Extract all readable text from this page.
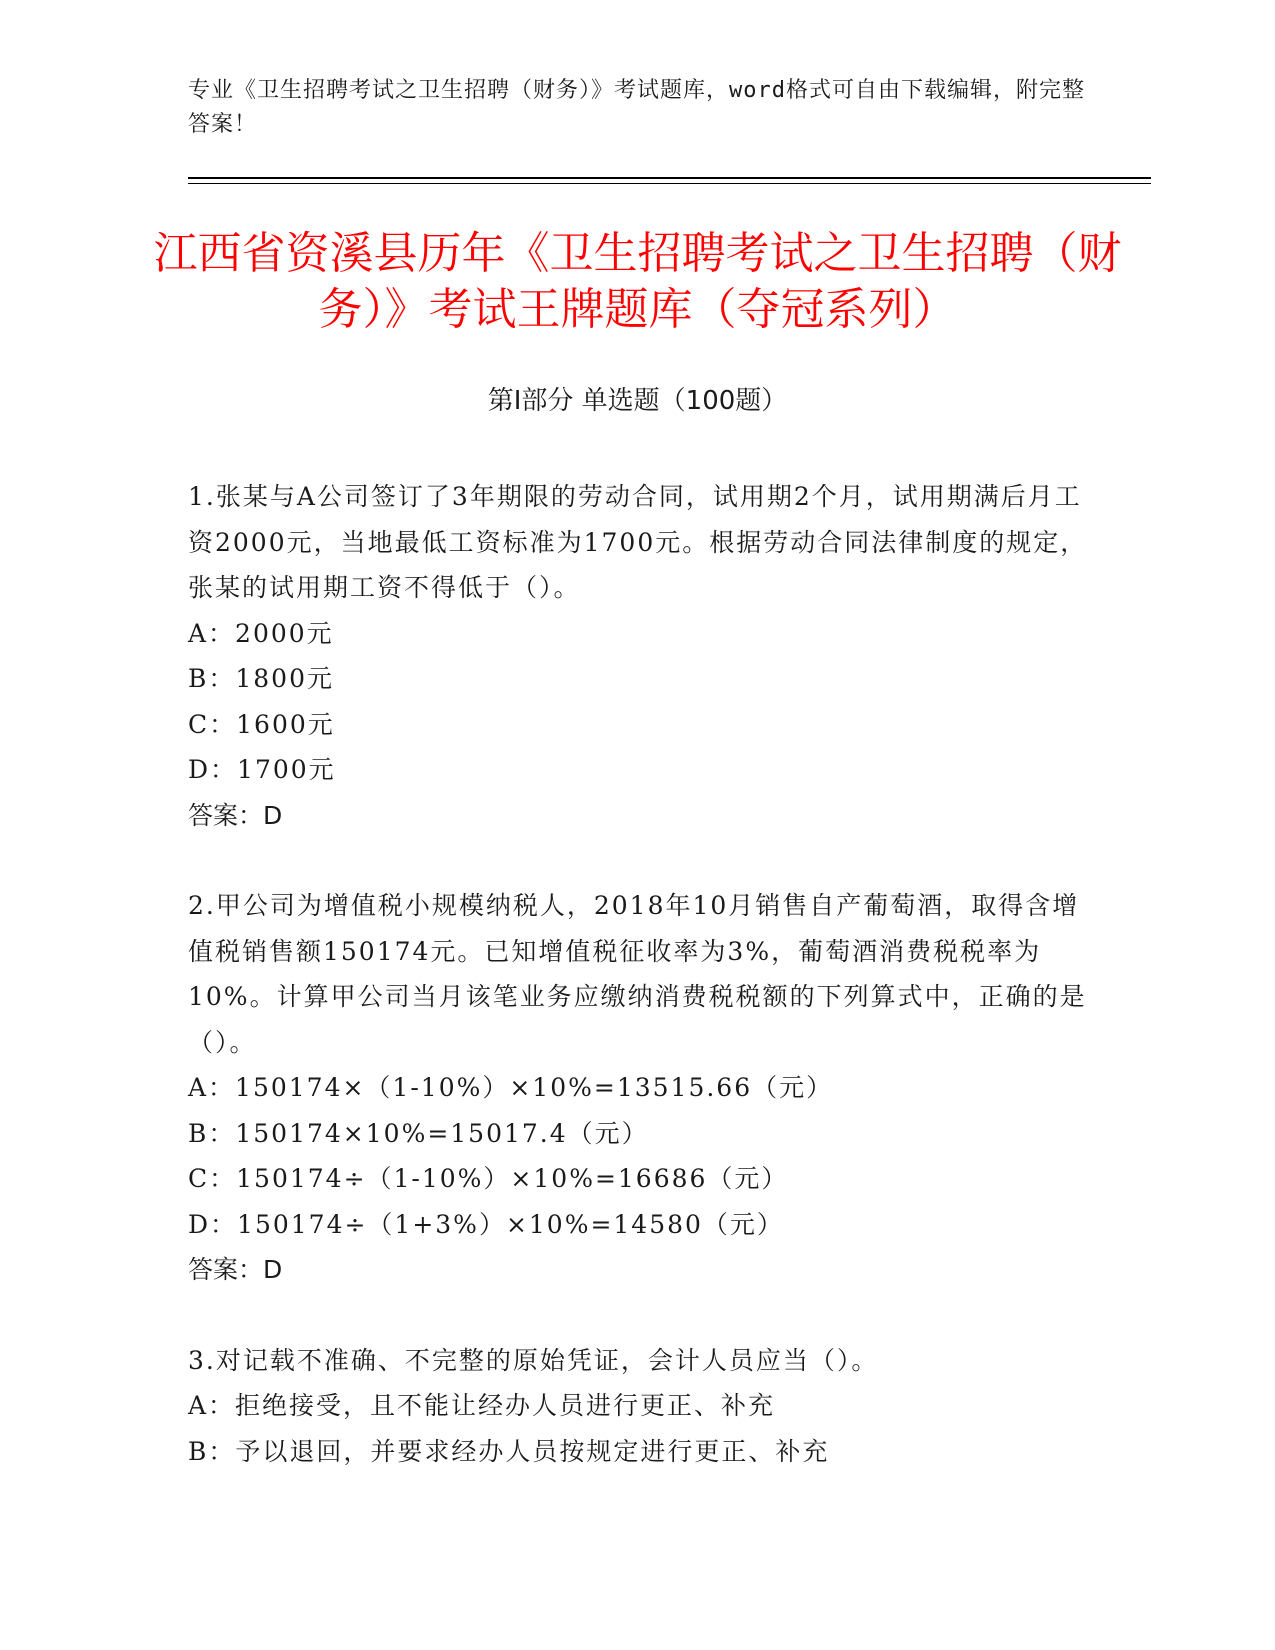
专业《卫生招聘考试之卫生招聘（财务）》考试题库，word格式可自由下载编辑，附完整答案！
江西省资溪县历年《卫生招聘考试之卫生招聘（财务）》考试王牌题库（夺冠系列）
第I部分 单选题（100题）
1.张某与A公司签订了3年期限的劳动合同，试用期2个月，试用期满后月工资2000元，当地最低工资标准为1700元。根据劳动合同法律制度的规定，张某的试用期工资不得低于（）。
A：2000元
B：1800元
C：1600元
D：1700元
答案：D
2.甲公司为增值税小规模纳税人，2018年10月销售自产葡萄酒，取得含增值税销售额150174元。已知增值税征收率为3%，葡萄酒消费税税率为10%。计算甲公司当月该笔业务应缴纳消费税税额的下列算式中，正确的是（）。
A：150174×（1-10%）×10%=13515.66（元）
B：150174×10%=15017.4（元）
C：150174÷（1-10%）×10%=16686（元）
D：150174÷（1+3%）×10%=14580（元）
答案：D
3.对记载不准确、不完整的原始凭证，会计人员应当（）。
A：拒绝接受，且不能让经办人员进行更正、补充
B：予以退回，并要求经办人员按规定进行更正、补充
